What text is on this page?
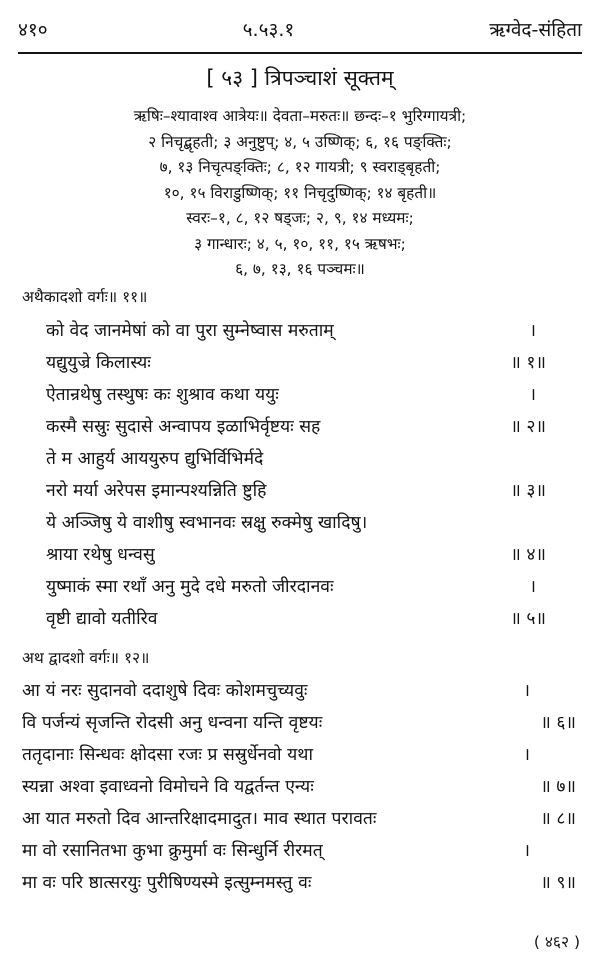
४१०	५.५३.१	ऋग्वेद-संहिता
[ ५३ ] त्रिपञ्चाशं सूक्तम्
ऋषिः–श्यावाश्व आत्रेयः॥ देवता–मरुतः॥ छन्दः–१ भुरिग्गायत्री;
२ निचृद्बृहती; ३ अनुष्टुप्; ४, ५ उष्णिक्; ६, १६ पङ्क्तिः;
७, १३ निचृत्पङ्क्तिः; ८, १२ गायत्री; ९ स्वराड्बृहती;
१०, १५ विराडुष्णिक्; ११ निचृदुष्णिक्; १४ बृहती॥
स्वरः–१, ८, १२ षड्जः; २, ९, १४ मध्यमः;
३ गान्धारः; ४, ५, १०, ११, १५ ऋषभः;
६, ७, १३, १६ पञ्चमः॥
अथैकादशो वर्गः॥ ११॥
को वेद जानमेषां को वा पुरा सुम्नेष्वास मरुताम्	।
यद्युयुज्रे किलास्यः	॥ १॥
ऐतान्रथेषु तस्थुषः कः शुश्राव कथा ययुः	।
कस्मै सस्रुः सुदासे अन्वापय इळाभिर्वृष्टयः सह	॥ २॥
ते म आहुर्य आययुरुप द्युभिर्विभिर्मदे
नरो मर्या अरेपस इमान्पश्यन्निति ष्टुहि	॥ ३॥
ये अञ्जिषु ये वाशीषु स्वभानवः स्रक्षु रुक्मेषु खादिषु।
श्राया रथेषु धन्वसु	॥ ४॥
युष्माकं स्मा रथाँ अनु मुदे दधे मरुतो जीरदानवः	।
वृष्टी द्यावो यतीरिव	॥ ५॥
अथ द्वादशो वर्गः॥ १२॥
आ यं नरः सुदानवो ददाशुषे दिवः कोशमचुच्यवुः	।
वि पर्जन्यं सृजन्ति रोदसी अनु धन्वना यन्ति वृष्टयः	॥ ६॥
ततृदानाः सिन्धवः क्षोदसा रजः प्र सस्रुर्धेनवो यथा	।
स्यन्ना अश्वा इवाध्वनो विमोचने वि यद्वर्तन्त एन्यः	॥ ७॥
आ यात मरुतो दिव आन्तरिक्षादमादुत। माव स्थात परावतः	॥ ८॥
मा वो रसानितभा कुभा क्रुमुर्मा वः सिन्धुर्नि रीरमत्	।
मा वः परि ष्ठात्सरयुः पुरीषिण्यस्मे इत्सुम्नमस्तु वः	॥ ९॥
( ४६२ )
